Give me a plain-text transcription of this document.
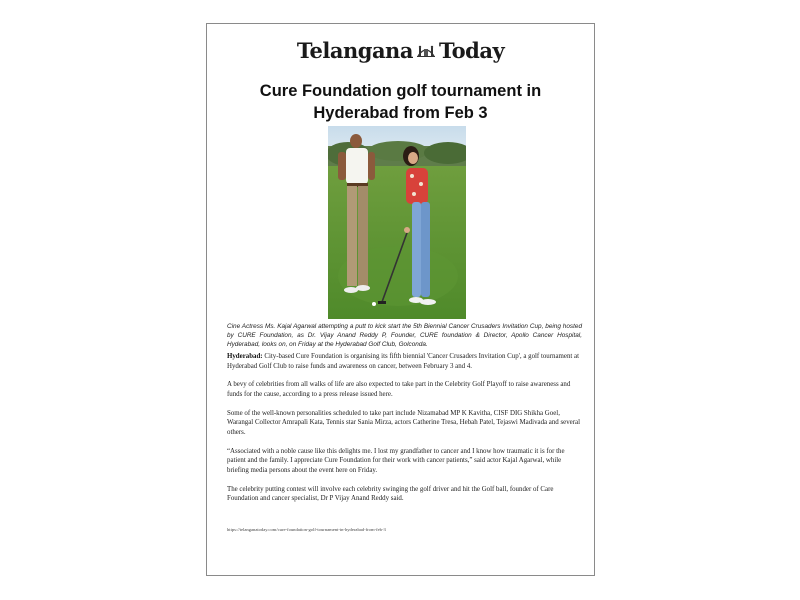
Telangana Today
Cure Foundation golf tournament in Hyderabad from Feb 3
Cine Actress Ms. Kajal Agarwal attempting a putt to kick start the 5th Biennial Cancer Crusaders Invitation Cup, being hosted by CURE Foundation, as Dr. Vijay Anand Reddy P, Founder, CURE foundation & Director, Apollo Cancer Hospital, Hyderabad, looks on, on Friday at the Hyderabad Golf Club, Golconda.

Hyderabad: City-based Cure Foundation is organising its fifth biennial 'Cancer Crusaders Invitation Cup', a golf tournament at Hyderabad Golf Club to raise funds and awareness on cancer, between February 3 and 4.

A bevy of celebrities from all walks of life are also expected to take part in the Celebrity Golf Playoff to raise awareness and funds for the cause, according to a press release issued here.

Some of the well-known personalities scheduled to take part include Nizamabad MP K Kavitha, CISF DIG Shikha Goel, Warangal Collector Amrapali Kata, Tennis star Sania Mirza, actors Catherine Tresa, Hebah Patel, Tejaswi Madivada and several others.

“Associated with a noble cause like this delights me. I lost my grandfather to cancer and I know how traumatic it is for the patient and the family. I appreciate Cure Foundation for their work with cancer patients,” said actor Kajal Agarwal, while briefing media persons about the event here on Friday.

The celebrity putting contest will involve each celebrity swinging the golf driver and hit the Golf ball, founder of Care Foundation and cancer specialist, Dr P Vijay Anand Reddy said.

https://telanganatoday.com/cure-foundation-golf-tournament-in-hyderabad-from-feb-3
